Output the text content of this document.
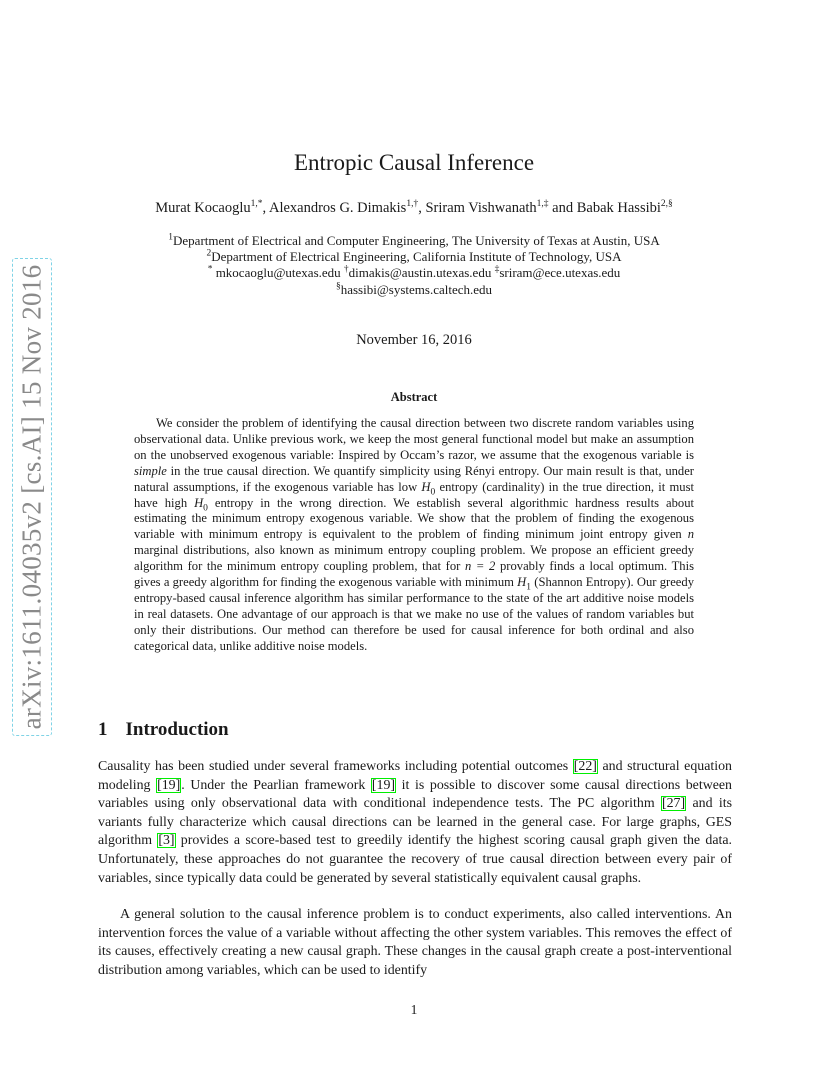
arXiv:1611.04035v2 [cs.AI] 15 Nov 2016
Entropic Causal Inference
Murat Kocaoglu$^{1,*}$, Alexandros G. Dimakis$^{1,\dagger}$, Sriram Vishwanath$^{1,\ddagger}$ and Babak Hassibi$^{2,\S}$
$^1$Department of Electrical and Computer Engineering, The University of Texas at Austin, USA
$^2$Department of Electrical Engineering, California Institute of Technology, USA
* mkocaoglu@utexas.edu †dimakis@austin.utexas.edu ‡sriram@ece.utexas.edu
§hassibi@systems.caltech.edu
November 16, 2016
Abstract

We consider the problem of identifying the causal direction between two discrete random variables using observational data. Unlike previous work, we keep the most general functional model but make an assumption on the unobserved exogenous variable: Inspired by Occam’s razor, we assume that the exogenous variable is simple in the true causal direction. We quantify simplicity using Rényi entropy. Our main result is that, under natural assumptions, if the exogenous variable has low $H_0$ entropy (cardinality) in the true direction, it must have high $H_0$ entropy in the wrong direction. We establish several algorithmic hardness results about estimating the minimum entropy exogenous variable. We show that the problem of finding the exogenous variable with minimum entropy is equivalent to the problem of finding minimum joint entropy given n marginal distributions, also known as minimum entropy coupling problem. We propose an efficient greedy algorithm for the minimum entropy coupling problem, that for n = 2 provably finds a local optimum. This gives a greedy algorithm for finding the exogenous variable with minimum $H_1$ (Shannon Entropy). Our greedy entropy-based causal inference algorithm has similar performance to the state of the art additive noise models in real datasets. One advantage of our approach is that we make no use of the values of random variables but only their distributions. Our method can therefore be used for causal inference for both ordinal and also categorical data, unlike additive noise models.

1 Introduction

Causality has been studied under several frameworks including potential outcomes [22] and structural equation modeling [19]. Under the Pearlian framework [19] it is possible to discover some causal directions between variables using only observational data with conditional independence tests. The PC algorithm [27] and its variants fully characterize which causal directions can be learned in the general case. For large graphs, GES algorithm [3] provides a score-based test to greedily identify the highest scoring causal graph given the data. Unfortunately, these approaches do not guarantee the recovery of true causal direction between every pair of variables, since typically data could be generated by several statistically equivalent causal graphs.

A general solution to the causal inference problem is to conduct experiments, also called interventions. An intervention forces the value of a variable without affecting the other system variables. This removes the effect of its causes, effectively creating a new causal graph. These changes in the causal graph create a post-interventional distribution among variables, which can be used to identify

1
